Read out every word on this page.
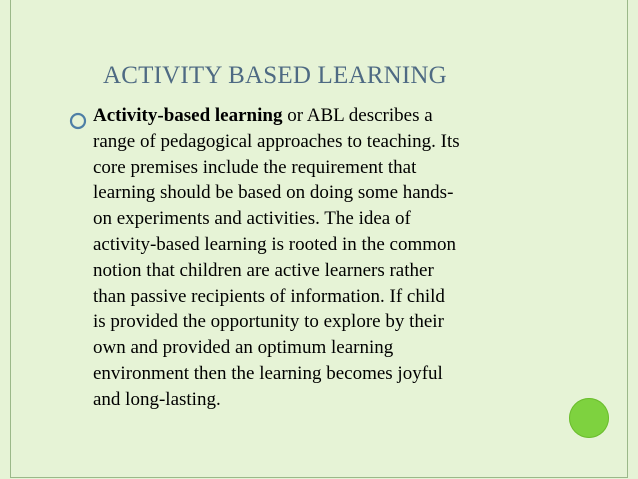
ACTIVITY BASED LEARNING
Activity-based learning or ABL describes a
range of pedagogical approaches to teaching. Its
core premises include the requirement that
learning should be based on doing some hands-
on experiments and activities. The idea of
activity-based learning is rooted in the common
notion that children are active learners rather
than passive recipients of information. If child
is provided the opportunity to explore by their
own and provided an optimum learning
environment then the learning becomes joyful
and long-lasting.
